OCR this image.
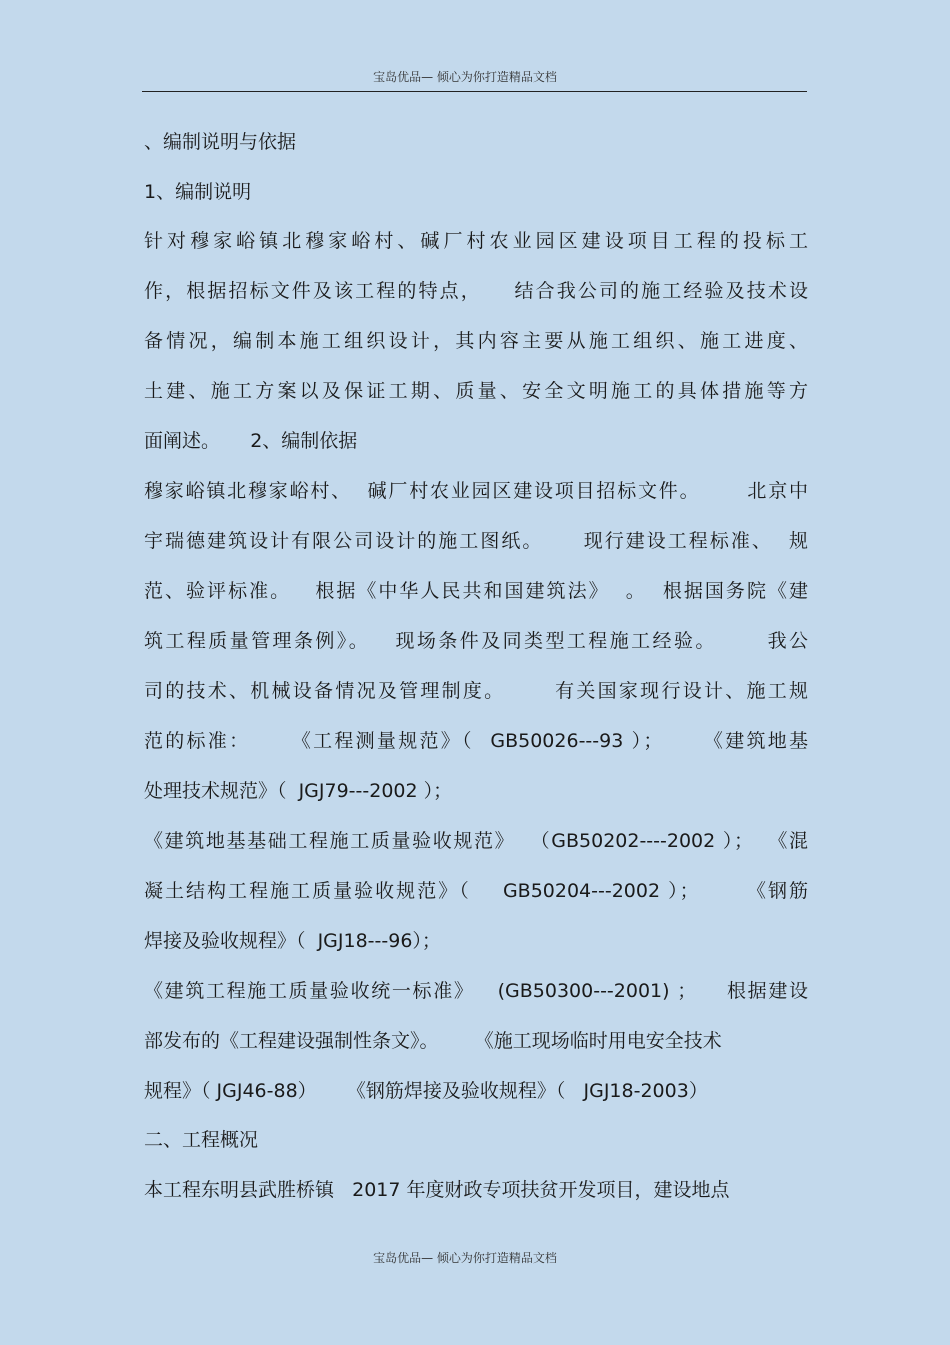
宝岛优品— 倾心为你打造精品文档
、编制说明与依据
1、编制说明
针对穆家峪镇北穆家峪村、碱厂村农业园区建设项目工程的投标工
作，根据招标文件及该工程的特点，    结合我公司的施工经验及技术设
备情况，编制本施工组织设计，其内容主要从施工组织、施工进度、
土建、施工方案以及保证工期、质量、安全文明施工的具体措施等方
面阐述。     2、编制依据
穆家峪镇北穆家峪村、  碱厂村农业园区建设项目招标文件。      北京中
宇瑞德建筑设计有限公司设计的施工图纸。     现行建设工程标准、  规
范、验评标准。   根据《中华人民共和国建筑法》  。  根据国务院《建
筑工程质量管理条例》。   现场条件及同类型工程施工经验。      我公
司的技术、机械设备情况及管理制度。      有关国家现行设计、施工规
范的标准：     《工程测量规范》（  GB50026---93 ）；     《建筑地基
处理技术规范》（  JGJ79---2002 ）；
《建筑地基基础工程施工质量验收规范》  （GB50202----2002 ）；  《混
凝土结构工程施工质量验收规范》（    GB50204---2002 ）；      《钢筋
焊接及验收规程》（  JGJ18---96）；
《建筑工程施工质量验收统一标准》   (GB50300---2001) ；    根据建设
部发布的《工程建设强制性条文》。      《施工现场临时用电安全技术
规程》（ JGJ46-88）     《钢筋焊接及验收规程》（   JGJ18-2003）
二、工程概况
本工程东明县武胜桥镇   2017 年度财政专项扶贫开发项目，建设地点
宝岛优品— 倾心为你打造精品文档
